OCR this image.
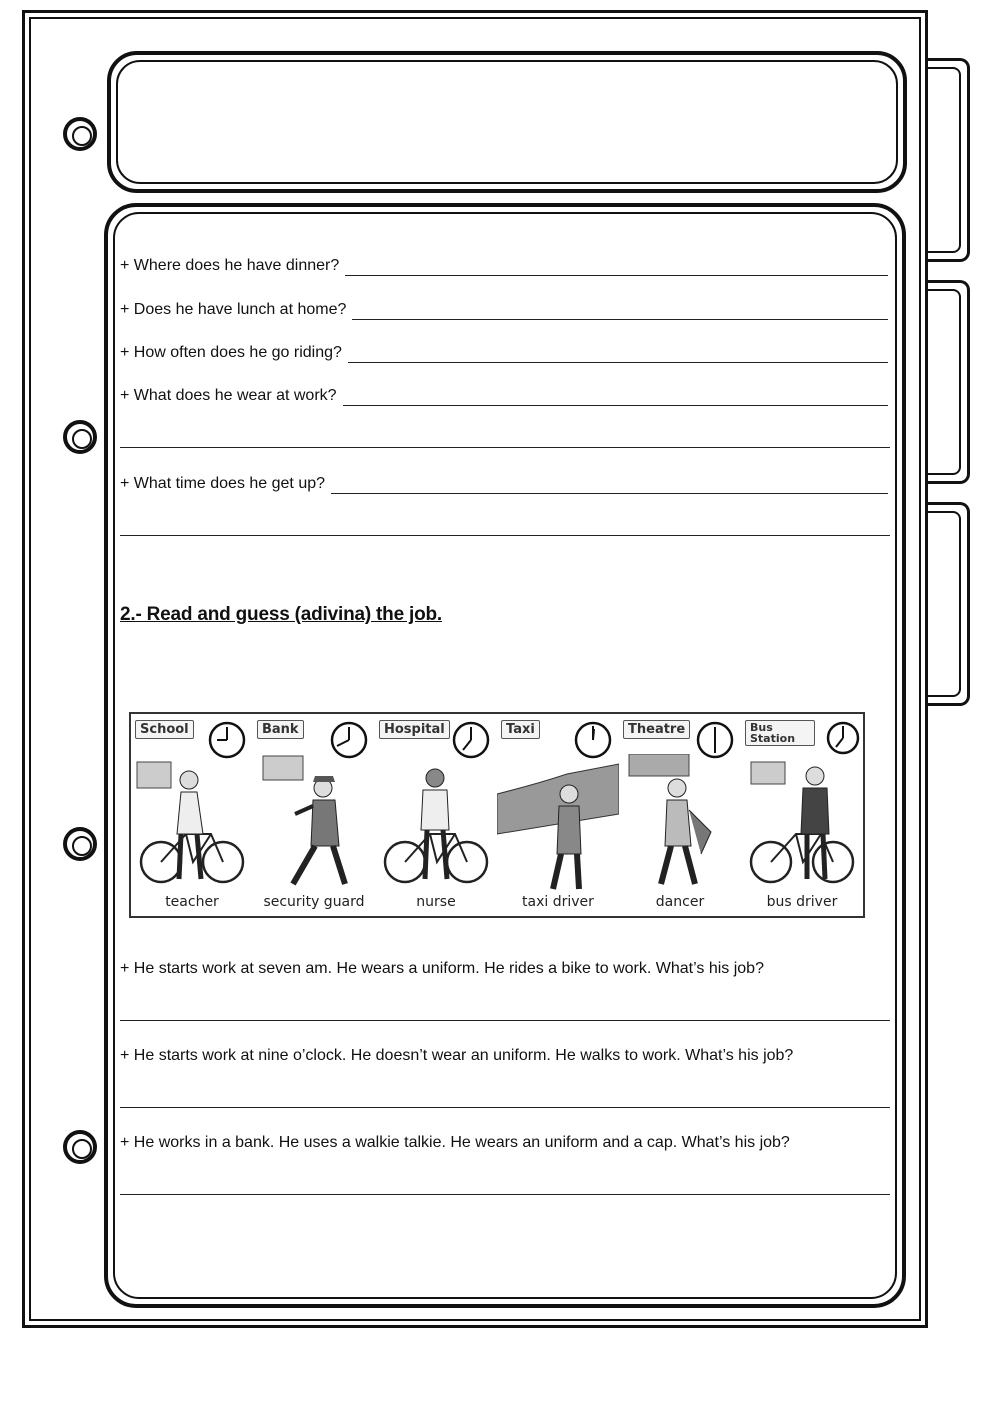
+ Where does he have dinner?
+ Does he have lunch at home?
+ How often does he go riding?
+ What does he wear at work?
+ What time does he get up?
2.- Read and guess (adivina) the job.
School
teacher
Bank
security guard
Hospital
nurse
Taxi
taxi driver
Theatre
dancer
Bus Station
bus driver
+ He starts work at seven am. He wears a uniform. He rides a bike to work. What’s his job?
+ He starts work at nine o’clock. He doesn’t wear an uniform. He walks to work. What’s his job?
+ He works in a bank. He uses a walkie talkie. He wears an uniform and a cap. What’s his job?
